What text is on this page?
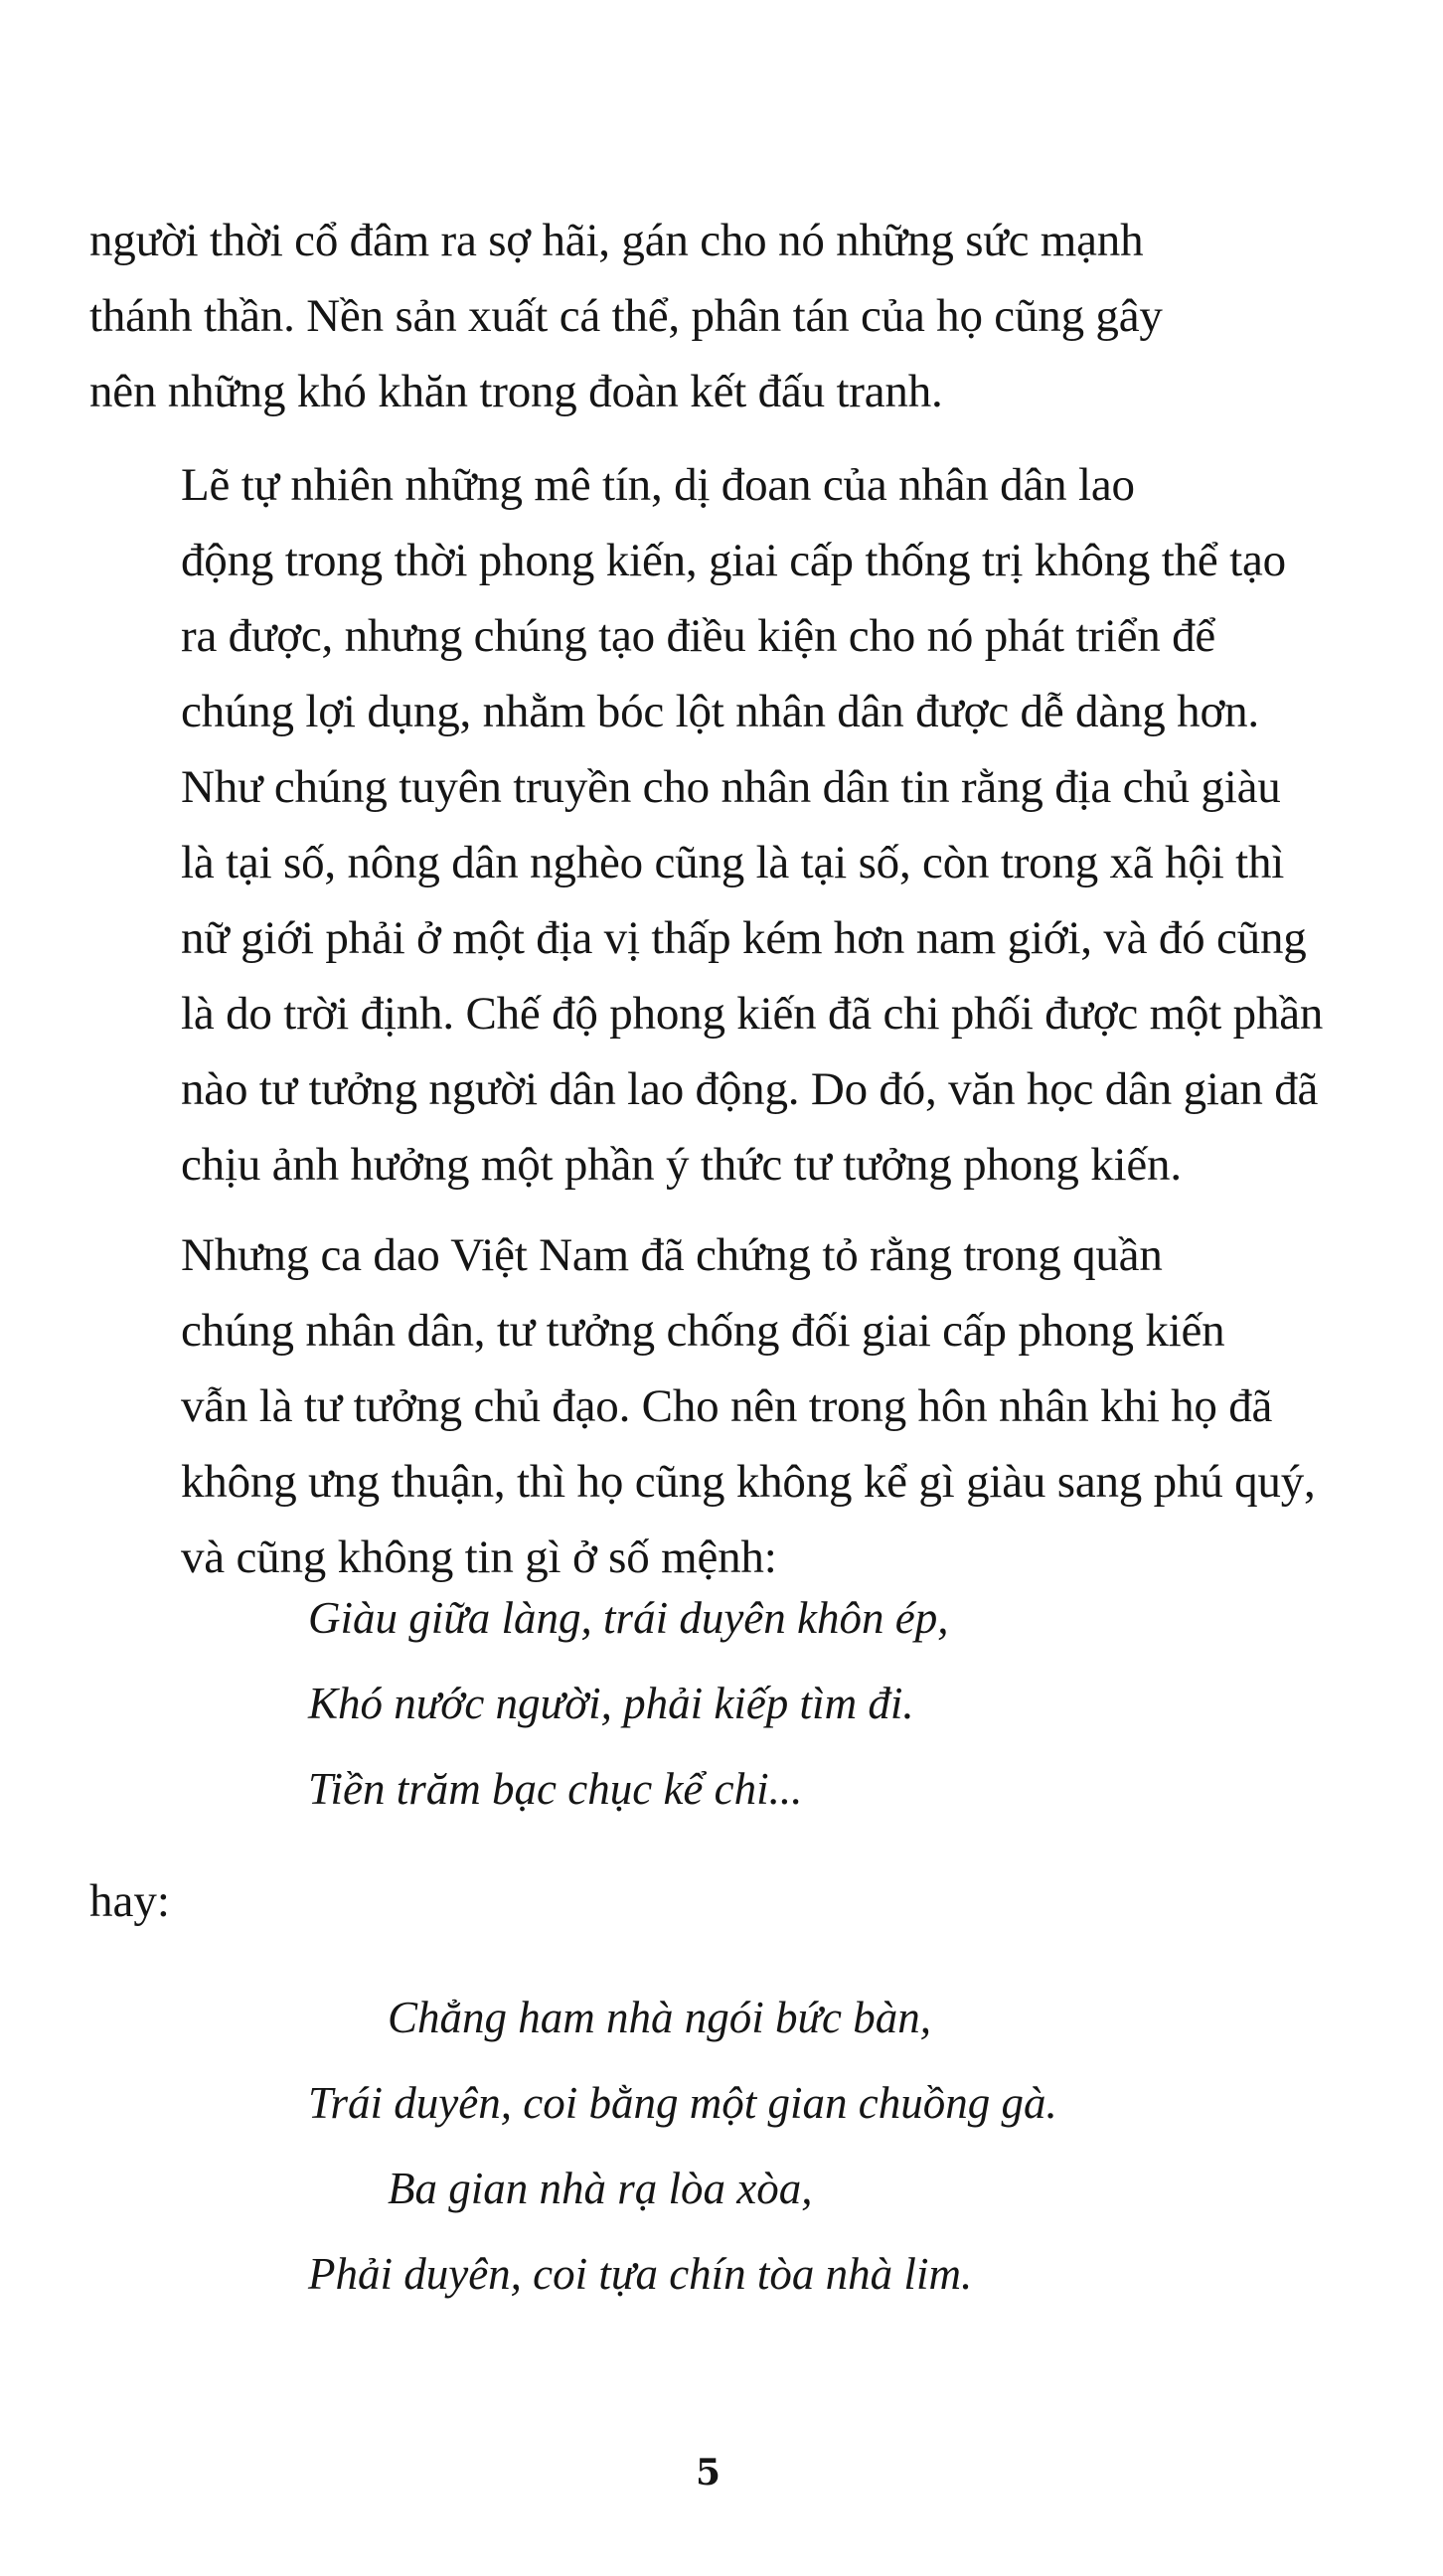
người thời cổ đâm ra sợ hãi, gán cho nó những sức mạnh
thánh thần. Nền sản xuất cá thể, phân tán của họ cũng gây
nên những khó khăn trong đoàn kết đấu tranh.
Lẽ tự nhiên những mê tín, dị đoan của nhân dân lao
động trong thời phong kiến, giai cấp thống trị không thể tạo
ra được, nhưng chúng tạo điều kiện cho nó phát triển để
chúng lợi dụng, nhằm bóc lột nhân dân được dễ dàng hơn.
Như chúng tuyên truyền cho nhân dân tin rằng địa chủ giàu
là tại số, nông dân nghèo cũng là tại số, còn trong xã hội thì
nữ giới phải ở một địa vị thấp kém hơn nam giới, và đó cũng
là do trời định. Chế độ phong kiến đã chi phối được một phần
nào tư tưởng người dân lao động. Do đó, văn học dân gian đã
chịu ảnh hưởng một phần ý thức tư tưởng phong kiến.
Nhưng ca dao Việt Nam đã chứng tỏ rằng trong quần
chúng nhân dân, tư tưởng chống đối giai cấp phong kiến
vẫn là tư tưởng chủ đạo. Cho nên trong hôn nhân khi họ đã
không ưng thuận, thì họ cũng không kể gì giàu sang phú quý,
và cũng không tin gì ở số mệnh:
Giàu giữa làng, trái duyên khôn ép,
Khó nước người, phải kiếp tìm đi.
Tiền trăm bạc chục kể chi...
hay:
Chẳng ham nhà ngói bức bàn,
Trái duyên, coi bằng một gian chuồng gà.
Ba gian nhà rạ lòa xòa,
Phải duyên, coi tựa chín tòa nhà lim.
5
